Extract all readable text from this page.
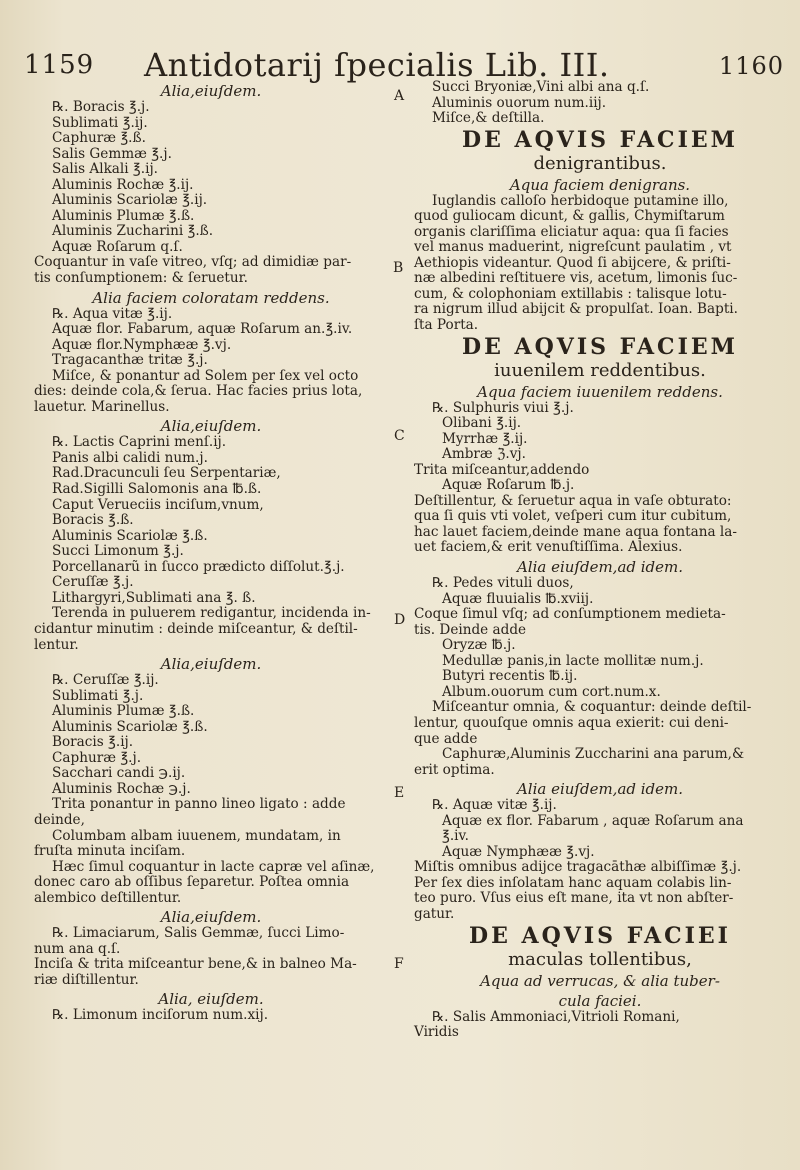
1159 Antidotarij ſpecialis Lib. III.	1160
A
B
C
D
E
F
Alia,eiuſdem.
℞. Boracis ℥.j.
Sublimati ℥.ij.
Caphuræ ℥.ß.
Salis Gemmæ ℥.j.
Salis Alkali ℥.ij.
Aluminis Rochæ ℥.ij.
Aluminis Scariolæ ℥.ij.
Aluminis Plumæ ℥.ß.
Aluminis Zucharini ℥.ß.
Aquæ Roſarum q.ſ.
Coquantur in vaſe vitreo, vſq; ad dimidiæ par-
tis conſumptionem: & ſeruetur.
Alia faciem coloratam reddens.
℞. Aqua vitæ ℥.ij.
Aquæ flor. Fabarum, aquæ Roſarum an.℥.iv.
Aquæ flor.Nymphææ ℥.vj.
Tragacanthæ tritæ ℥.j.
Miſce, & ponantur ad Solem per ſex vel octo
dies: deinde cola,& ſerua. Hac facies prius lota,
lauetur. Marinellus.
Alia,eiuſdem.
℞. Lactis Caprini menſ.ij.
Panis albi calidi num.j.
Rad.Dracunculi ſeu Serpentariæ,
Rad.Sigilli Salomonis ana ℔.ß.
Caput Verueciis inciſum,vnum,
Boracis ℥.ß.
Aluminis Scariolæ ℥.ß.
Succi Limonum ℥.j.
Porcellanarũ in ſucco prædicto diſſolut.℥.j.
Ceruſſæ ℥.j.
Lithargyri,Sublimati ana ℥. ß.
Terenda in puluerem redigantur, incidenda in-
cidantur minutim : deinde miſceantur, & deſtil-
lentur.
Alia,eiuſdem.
℞. Ceruſſæ ℥.ij.
Sublimati ℥.j.
Aluminis Plumæ ℥.ß.
Aluminis Scariolæ ℥.ß.
Boracis ℥.ij.
Caphuræ ℥.j.
Sacchari candi ℈.ij.
Aluminis Rochæ ℈.j.
Trita ponantur in panno lineo ligato : adde
deinde,
Columbam albam iuuenem, mundatam, in
fruſta minuta inciſam.
Hæc ſimul coquantur in lacte capræ vel aſinæ,
donec caro ab oſſibus ſeparetur. Poſtea omnia
alembico deſtillentur.
Alia,eiuſdem.
℞. Limaciarum, Salis Gemmæ, ſucci Limo-
num ana q.ſ.
Inciſa & trita miſceantur bene,& in balneo Ma-
riæ diſtillentur.
Alia, eiuſdem.
℞. Limonum inciſorum num.xij.
Succi Bryoniæ,Vini albi ana q.ſ.
Aluminis ouorum num.iij.
Miſce,& deſtilla.
DE AQVIS FACIEM
denigrantibus.
Aqua faciem denigrans.
Iuglandis calloſo herbidoque putamine illo,
quod guliocam dicunt, & gallis, Chymiſtarum
organis clariſſima eliciatur aqua: qua ſi facies
vel manus maduerint, nigreſcunt paulatim , vt
Aethiopis videantur. Quod ſi abijcere, & priſti-
næ albedini reſtituere vis, acetum, limonis ſuc-
cum, & colophoniam extillabis : talisque lotu-
ra nigrum illud abijcit & propulſat. Ioan. Bapti.
ſta Porta.
DE AQVIS FACIEM
iuuenilem reddentibus.
Aqua faciem iuuenilem reddens.
℞. Sulphuris viui ℥.j.
Olibani ℥.ij.
Myrrhæ ℥.ij.
Ambræ ℨ.vj.
Trita miſceantur,addendo
Aquæ Roſarum ℔.j.
Deſtillentur, & ſeruetur aqua in vaſe obturato:
qua ſi quis vti volet, veſperi cum itur cubitum,
hac lauet faciem,deinde mane aqua fontana la-
uet faciem,& erit venuſtiſſima. Alexius.
Alia eiuſdem,ad idem.
℞. Pedes vituli duos,
Aquæ fluuialis ℔.xviij.
Coque ſimul vſq; ad conſumptionem medieta-
tis. Deinde adde
Oryzæ ℔.j.
Medullæ panis,in lacte mollitæ num.j.
Butyri recentis ℔.ij.
Album.ouorum cum cort.num.x.
Miſceantur omnia, & coquantur: deinde deſtil-
lentur, quouſque omnis aqua exierit: cui deni-
que adde
Caphuræ,Aluminis Zuccharini ana parum,&
erit optima.
Alia eiuſdem,ad idem.
℞. Aquæ vitæ ℥.ij.
Aquæ ex flor. Fabarum , aquæ Roſarum ana
℥.iv.
Aquæ Nymphææ ℥.vj.
Miſtis omnibus adijce tragacāthæ albiſſimæ ℥.j.
Per ſex dies inſolatam hanc aquam colabis lin-
teo puro. Vſus eius eſt mane, ita vt non abſter-
gatur.
DE AQVIS FACIEI
maculas tollentibus,
Aqua ad verrucas, & alia tuber-
cula faciei.
℞. Salis Ammoniaci,Vitrioli Romani,
Viridis
